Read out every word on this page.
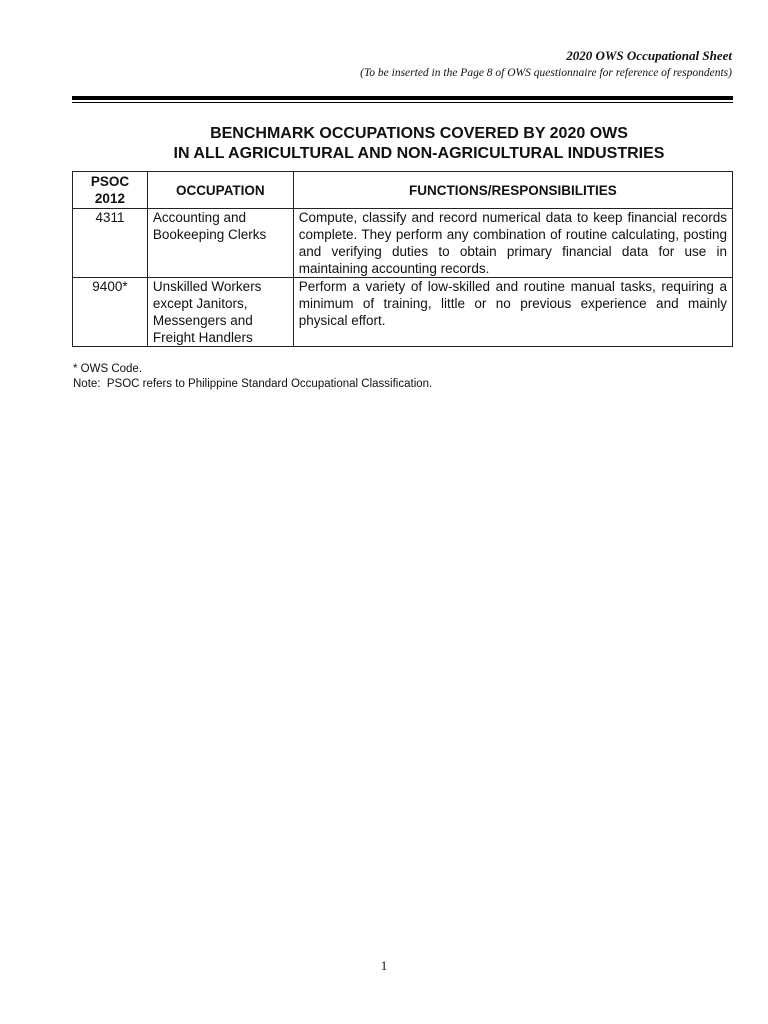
2020 OWS Occupational Sheet
(To be inserted in the Page 8 of OWS questionnaire for reference of respondents)
BENCHMARK OCCUPATIONS COVERED BY 2020 OWS
IN ALL AGRICULTURAL AND NON-AGRICULTURAL INDUSTRIES
PSOC
2012	OCCUPATION	FUNCTIONS/RESPONSIBILITIES
4311	Accounting and Bookeeping Clerks	Compute, classify and record numerical data to keep financial records complete. They perform any combination of routine calculating, posting and verifying duties to obtain primary financial data for use in maintaining accounting records.
9400*	Unskilled Workers except Janitors, Messengers and Freight Handlers	Perform a variety of low-skilled and routine manual tasks, requiring a minimum of training, little or no previous experience and mainly physical effort.
* OWS Code.
Note:  PSOC refers to Philippine Standard Occupational Classification.
1
